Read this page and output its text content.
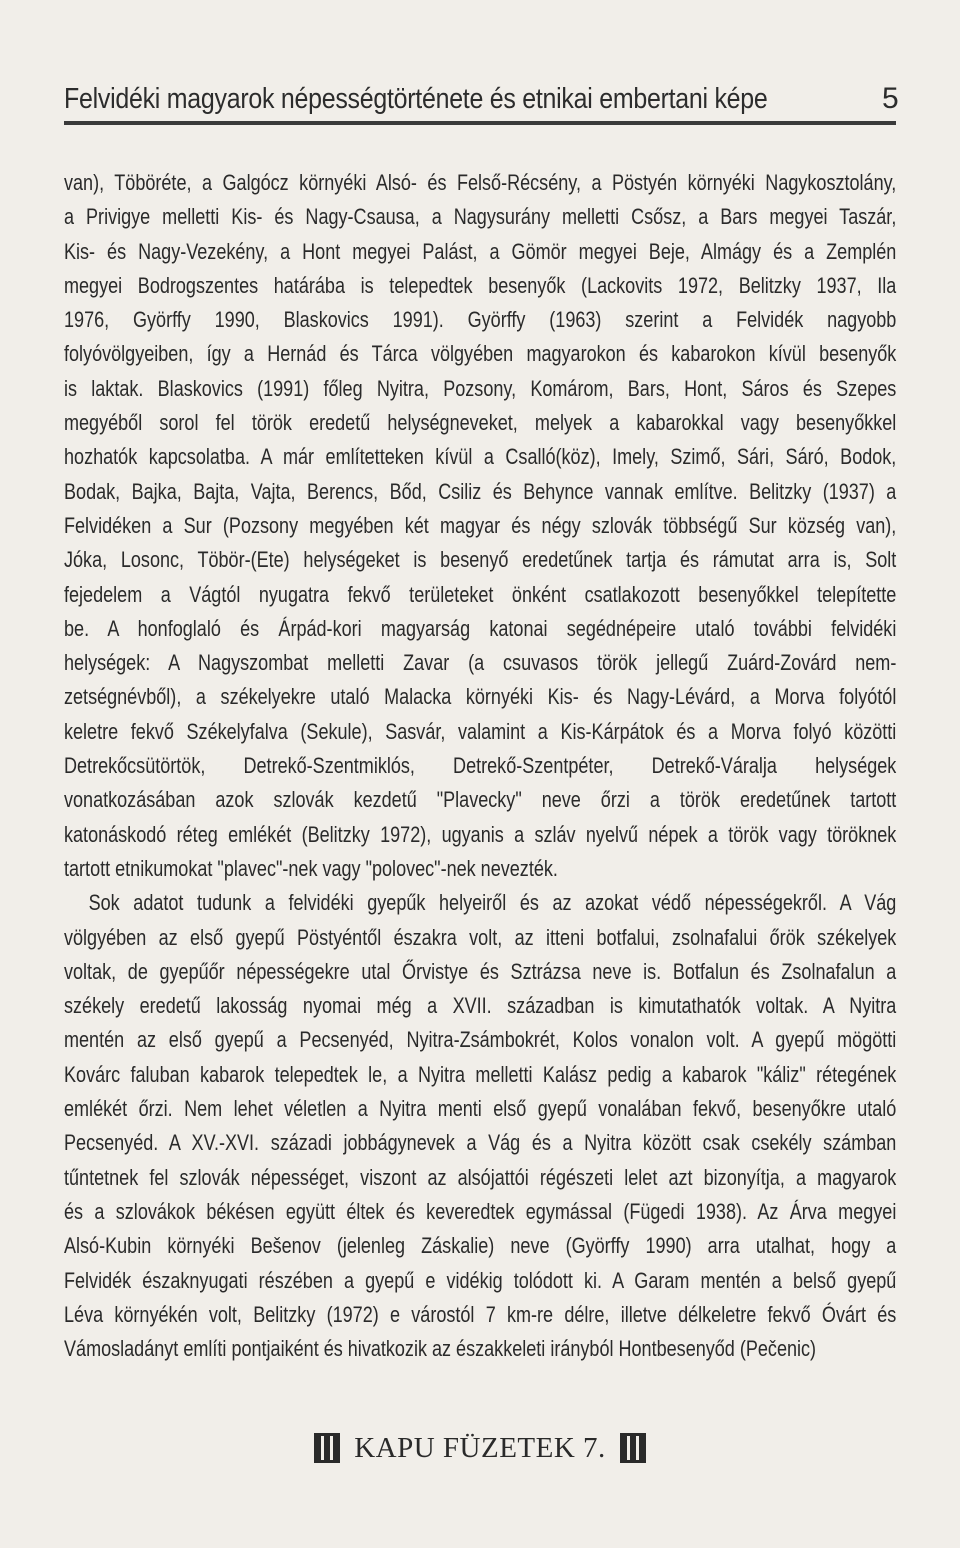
Felvidéki magyarok népességtörténete és etnikai embertani képe	5
van), Töböréte, a Galgócz környéki Alsó- és Felső-Récsény, a Pöstyén környéki Nagykosztolány,
a Privigye melletti Kis- és Nagy-Csausa, a Nagysurány melletti Csősz, a Bars megyei Taszár,
Kis- és Nagy-Vezekény, a Hont megyei Palást, a Gömör megyei Beje, Almágy és a Zemplén
megyei Bodrogszentes határába is telepedtek besenyők (Lackovits 1972, Belitzky 1937, Ila
1976, Györffy 1990, Blaskovics 1991). Györffy (1963) szerint a Felvidék nagyobb
folyóvölgyeiben, így a Hernád és Tárca völgyében magyarokon és kabarokon kívül besenyők
is laktak. Blaskovics (1991) főleg Nyitra, Pozsony, Komárom, Bars, Hont, Sáros és Szepes
megyéből sorol fel török eredetű helységneveket, melyek a kabarokkal vagy besenyőkkel
hozhatók kapcsolatba. A már említetteken kívül a Csalló(köz), Imely, Szimő, Sári, Sáró, Bodok,
Bodak, Bajka, Bajta, Vajta, Berencs, Bőd, Csiliz és Behynce vannak említve. Belitzky (1937) a
Felvidéken a Sur (Pozsony megyében két magyar és négy szlovák többségű Sur község van),
Jóka, Losonc, Töbör-(Ete) helységeket is besenyő eredetűnek tartja és rámutat arra is, Solt
fejedelem a Vágtól nyugatra fekvő területeket önként csatlakozott besenyőkkel telepítette
be. A honfoglaló és Árpád-kori magyarság katonai segédnépeire utaló további felvidéki
helységek: A Nagyszombat melletti Zavar (a csuvasos török jellegű Zuárd-Zovárd nem-
zetségnévből), a székelyekre utaló Malacka környéki Kis- és Nagy-Lévárd, a Morva folyótól
keletre fekvő Székelyfalva (Sekule), Sasvár, valamint a Kis-Kárpátok és a Morva folyó közötti
Detrekőcsütörtök, Detrekő-Szentmiklós, Detrekő-Szentpéter, Detrekő-Váralja helységek
vonatkozásában azok szlovák kezdetű "Plavecky" neve őrzi a török eredetűnek tartott
katonáskodó réteg emlékét (Belitzky 1972), ugyanis a szláv nyelvű népek a török vagy töröknek
tartott etnikumokat "plavec"-nek vagy "polovec"-nek nevezték.
Sok adatot tudunk a felvidéki gyepűk helyeiről és az azokat védő népességekről. A Vág
völgyében az első gyepű Pöstyéntől északra volt, az itteni botfalui, zsolnafalui őrök székelyek
voltak, de gyepűőr népességekre utal Őrvistye és Sztrázsa neve is. Botfalun és Zsolnafalun a
székely eredetű lakosság nyomai még a XVII. században is kimutathatók voltak. A Nyitra
mentén az első gyepű a Pecsenyéd, Nyitra-Zsámbokrét, Kolos vonalon volt. A gyepű mögötti
Kovárc faluban kabarok telepedtek le, a Nyitra melletti Kalász pedig a kabarok "káliz" rétegének
emlékét őrzi. Nem lehet véletlen a Nyitra menti első gyepű vonalában fekvő, besenyőkre utaló
Pecsenyéd. A XV.-XVI. századi jobbágynevek a Vág és a Nyitra között csak csekély számban
tűntetnek fel szlovák népességet, viszont az alsójattói régészeti lelet azt bizonyítja, a magyarok
és a szlovákok békésen együtt éltek és keveredtek egymással (Fügedi 1938). Az Árva megyei
Alsó-Kubin környéki Bešenov (jelenleg Záskalie) neve (Györffy 1990) arra utalhat, hogy a
Felvidék északnyugati részében a gyepű e vidékig tolódott ki. A Garam mentén a belső gyepű
Léva környékén volt, Belitzky (1972) e várostól 7 km-re délre, illetve délkeletre fekvő Óvárt és
Vámosladányt említi pontjaiként és hivatkozik az északkeleti irányból Hontbesenyőd (Pečenic)
KAPU FÜZETEK 7.
